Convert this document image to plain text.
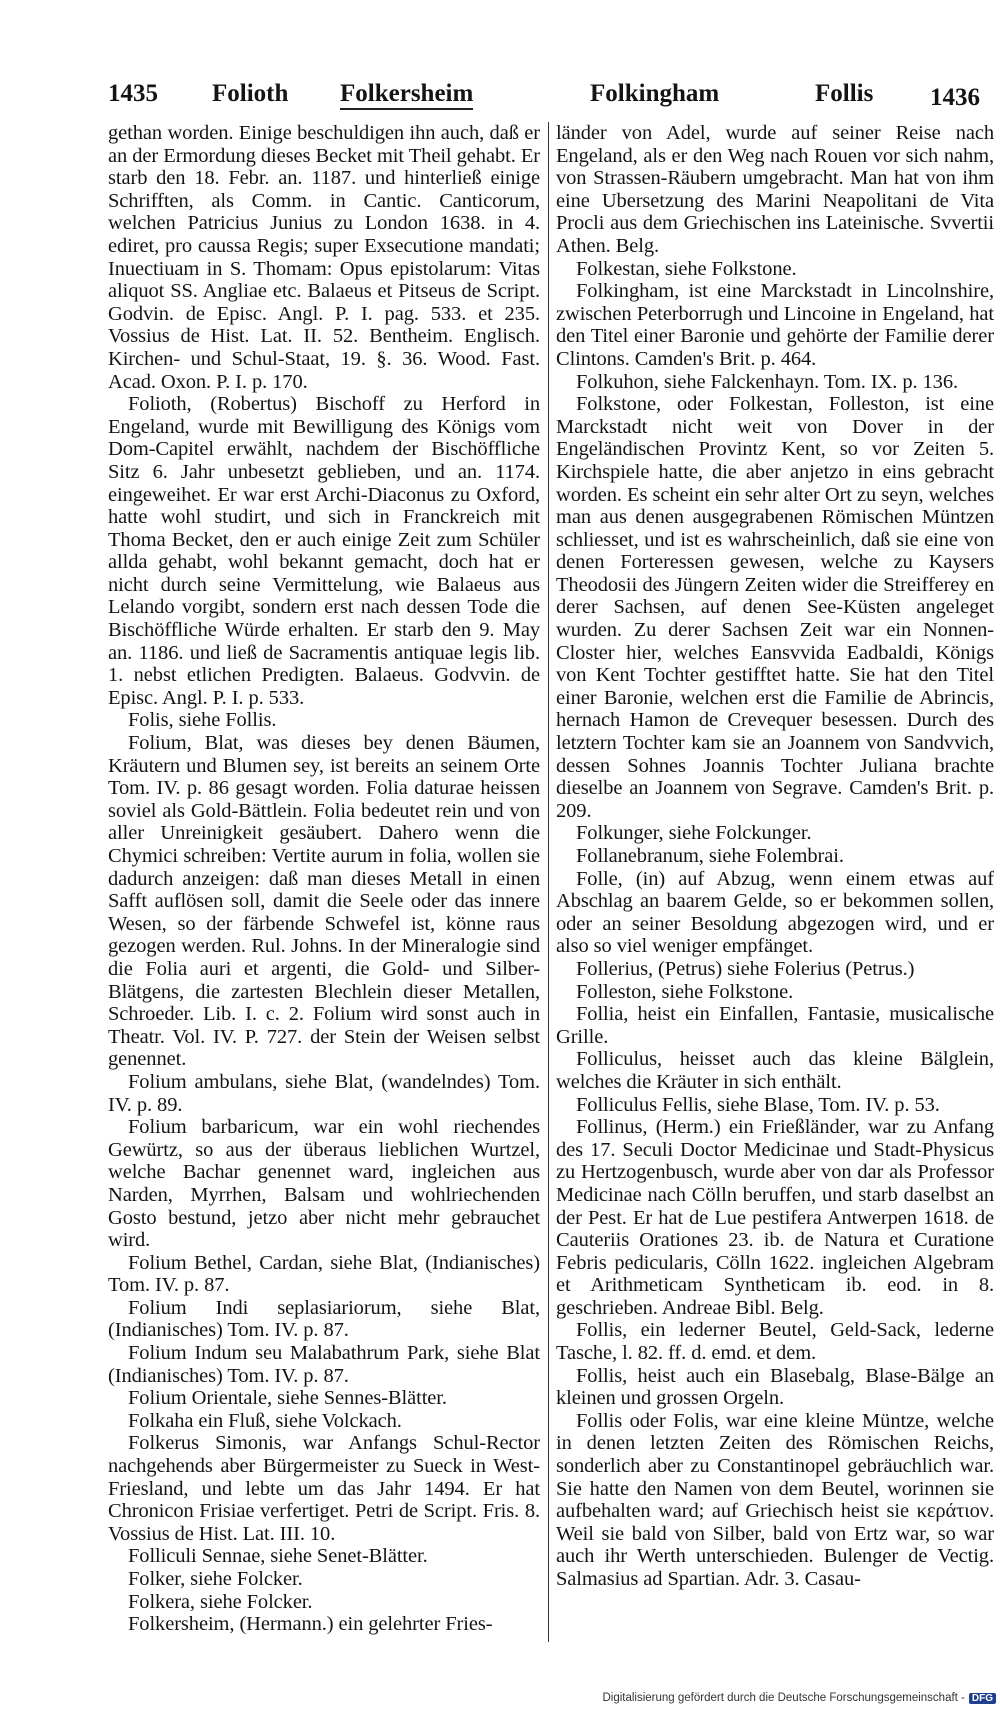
1435 Folioth Folkersheim	Folkingham	Follis 1436

gethan worden. Einige beschuldigen ihn auch, daß er an der Ermordung dieses Becket mit Theil gehabt. Er starb den 18. Febr. an. 1187. und hinterließ einige Schrifften, als Comm. in Cantic. Canticorum, welchen Patricius Junius zu London 1638. in 4. ediret, pro caussa Regis; super Exsecutione mandati; Inuectiuam in S. Thomam: Opus epistolarum: Vitas aliquot SS. Angliae etc. Balaeus et Pitseus de Script. Godvin. de Episc. Angl. P. I. pag. 533. et 235. Vossius de Hist. Lat. II. 52. Bentheim. Englisch. Kirchen- und Schul-Staat, 19. §. 36. Wood. Fast. Acad. Oxon. P. I. p. 170.

Folioth, (Robertus) Bischoff zu Herford in Engeland, wurde mit Bewilligung des Königs vom Dom-Capitel erwählt, nachdem der Bischöffliche Sitz 6. Jahr unbesetzt geblieben, und an. 1174. eingeweihet. Er war erst Archi-Diaconus zu Oxford, hatte wohl studirt, und sich in Franckreich mit Thoma Becket, den er auch einige Zeit zum Schüler allda gehabt, wohl bekannt gemacht, doch hat er nicht durch seine Vermittelung, wie Balaeus aus Lelando vorgibt, sondern erst nach dessen Tode die Bischöffliche Würde erhalten. Er starb den 9. May an. 1186. und ließ de Sacramentis antiquae legis lib. 1. nebst etlichen Predigten. Balaeus. Godvvin. de Episc. Angl. P. I. p. 533.

Folis, siehe Follis.

Folium, Blat, was dieses bey denen Bäumen, Kräutern und Blumen sey, ist bereits an seinem Orte Tom. IV. p. 86 gesagt worden. Folia daturae heissen soviel als Gold-Bättlein. Folia bedeutet rein und von aller Unreinigkeit gesäubert. Dahero wenn die Chymici schreiben: Vertite aurum in folia, wollen sie dadurch anzeigen: daß man dieses Metall in einen Safft auflösen soll, damit die Seele oder das innere Wesen, so der färbende Schwefel ist, könne raus gezogen werden. Rul. Johns. In der Mineralogie sind die Folia auri et argenti, die Gold- und Silber-Blätgens, die zartesten Blechlein dieser Metallen, Schroeder. Lib. I. c. 2. Folium wird sonst auch in Theatr. Vol. IV. P. 727. der Stein der Weisen selbst genennet.

Folium ambulans, siehe Blat, (wandelndes) Tom. IV. p. 89.

Folium barbaricum, war ein wohl riechendes Gewürtz, so aus der überaus lieblichen Wurtzel, welche Bachar genennet ward, ingleichen aus Narden, Myrrhen, Balsam und wohlriechenden Gosto bestund, jetzo aber nicht mehr gebrauchet wird.

Folium Bethel, Cardan, siehe Blat, (Indianisches) Tom. IV. p. 87.

Folium Indi seplasiariorum, siehe Blat, (Indianisches) Tom. IV. p. 87.

Folium Indum seu Malabathrum Park, siehe Blat (Indianisches) Tom. IV. p. 87.

Folium Orientale, siehe Sennes-Blätter.

Folkaha ein Fluß, siehe Volckach.

Folkerus Simonis, war Anfangs Schul-Rector nachgehends aber Bürgermeister zu Sueck in West-Friesland, und lebte um das Jahr 1494. Er hat Chronicon Frisiae verfertiget. Petri de Script. Fris. 8. Vossius de Hist. Lat. III. 10.

Folliculi Sennae, siehe Senet-Blätter.

Folker, siehe Folcker.

Folkera, siehe Folcker.

Folkersheim, (Hermann.) ein gelehrter Fries-

länder von Adel, wurde auf seiner Reise nach Engeland, als er den Weg nach Rouen vor sich nahm, von Strassen-Räubern umgebracht. Man hat von ihm eine Ubersetzung des Marini Neapolitani de Vita Procli aus dem Griechischen ins Lateinische. Svvertii Athen. Belg.

Folkestan, siehe Folkstone.

Folkingham, ist eine Marckstadt in Lincolnshire, zwischen Peterborrugh und Lincoine in Engeland, hat den Titel einer Baronie und gehörte der Familie derer Clintons. Camden's Brit. p. 464.

Folkuhon, siehe Falckenhayn. Tom. IX. p. 136.

Folkstone, oder Folkestan, Folleston, ist eine Marckstadt nicht weit von Dover in der Engeländischen Provintz Kent, so vor Zeiten 5. Kirchspiele hatte, die aber anjetzo in eins gebracht worden. Es scheint ein sehr alter Ort zu seyn, welches man aus denen ausgegrabenen Römischen Müntzen schliesset, und ist es wahrscheinlich, daß sie eine von denen Forteressen gewesen, welche zu Kaysers Theodosii des Jüngern Zeiten wider die Streifferey en derer Sachsen, auf denen See-Küsten angeleget wurden. Zu derer Sachsen Zeit war ein Nonnen-Closter hier, welches Eansvvida Eadbaldi, Königs von Kent Tochter gestifftet hatte. Sie hat den Titel einer Baronie, welchen erst die Familie de Abrincis, hernach Hamon de Crevequer besessen. Durch des letztern Tochter kam sie an Joannem von Sandvvich, dessen Sohnes Joannis Tochter Juliana brachte dieselbe an Joannem von Segrave. Camden's Brit. p. 209.

Folkunger, siehe Folckunger.

Follanebranum, siehe Folembrai.

Folle, (in) auf Abzug, wenn einem etwas auf Abschlag an baarem Gelde, so er bekommen sollen, oder an seiner Besoldung abgezogen wird, und er also so viel weniger empfänget.

Follerius, (Petrus) siehe Folerius (Petrus.)

Folleston, siehe Folkstone.

Follia, heist ein Einfallen, Fantasie, musicalische Grille.

Folliculus, heisset auch das kleine Bälglein, welches die Kräuter in sich enthält.

Folliculus Fellis, siehe Blase, Tom. IV. p. 53.

Follinus, (Herm.) ein Frießländer, war zu Anfang des 17. Seculi Doctor Medicinae und Stadt-Physicus zu Hertzogenbusch, wurde aber von dar als Professor Medicinae nach Cölln beruffen, und starb daselbst an der Pest. Er hat de Lue pestifera Antwerpen 1618. de Cauteriis Orationes 23. ib. de Natura et Curatione Febris pedicularis, Cölln 1622. ingleichen Algebram et Arithmeticam Syntheticam ib. eod. in 8. geschrieben. Andreae Bibl. Belg.

Follis, ein lederner Beutel, Geld-Sack, lederne Tasche, l. 82. ff. d. emd. et dem.

Follis, heist auch ein Blasebalg, Blase-Bälge an kleinen und grossen Orgeln.

Follis oder Folis, war eine kleine Müntze, welche in denen letzten Zeiten des Römischen Reichs, sonderlich aber zu Constantinopel gebräuchlich war. Sie hatte den Namen von dem Beutel, worinnen sie aufbehalten ward; auf Griechisch heist sie κεράτιον. Weil sie bald von Silber, bald von Ertz war, so war auch ihr Werth unterschieden. Bulenger de Vectig. Salmasius ad Spartian. Adr. 3. Casau-

Digitalisierung gefördert durch die Deutsche Forschungsgemeinschaft - DFG
